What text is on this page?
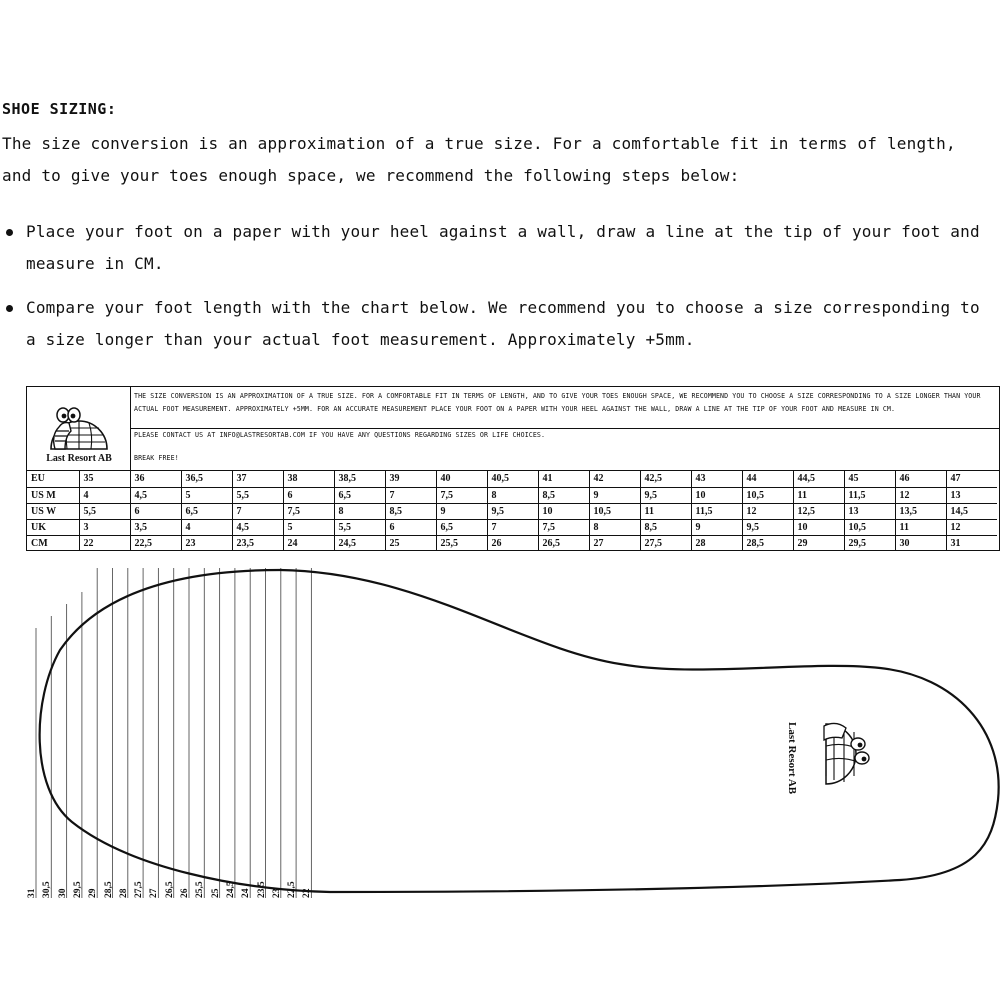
SHOE SIZING:
The size conversion is an approximation of a true size. For a comfortable fit in terms of length, and to give your toes enough space, we recommend the following steps below:
Place your foot on a paper with your heel against a wall, draw a line at the tip of your foot and measure in CM.
Compare your foot length with the chart below. We recommend you to choose a size corresponding to a size longer than your actual foot measurement. Approximately +5mm.
Last Resort AB
THE SIZE CONVERSION IS AN APPROXIMATION OF A TRUE SIZE. FOR A COMFORTABLE FIT IN TERMS OF LENGTH, AND TO GIVE YOUR TOES ENOUGH SPACE, WE RECOMMEND YOU TO CHOOSE A SIZE CORRESPONDING TO A SIZE LONGER THAN YOUR ACTUAL FOOT MEASUREMENT. APPROXIMATELY +5MM. FOR AN ACCURATE MEASUREMENT PLACE YOUR FOOT ON A PAPER WITH YOUR HEEL AGAINST THE WALL, DRAW A LINE AT THE TIP OF YOUR FOOT AND MEASURE IN CM.
PLEASE CONTACT US AT INFO@LASTRESORTAB.COM IF YOU HAVE ANY QUESTIONS REGARDING SIZES OR LIFE CHOICES.
BREAK FREE!
EU	35	36	36,5	37	38	38,5	39	40	40,5	41	42	42,5	43	44	44,5	45	46	47
US M	4	4,5	5	5,5	6	6,5	7	7,5	8	8,5	9	9,5	10	10,5	11	11,5	12	13
US W	5,5	6	6,5	7	7,5	8	8,5	9	9,5	10	10,5	11	11,5	12	12,5	13	13,5	14,5
UK	3	3,5	4	4,5	5	5,5	6	6,5	7	7,5	8	8,5	9	9,5	10	10,5	11	12
CM	22	22,5	23	23,5	24	24,5	25	25,5	26	26,5	27	27,5	28	28,5	29	29,5	30	31
Last Resort AB
31 30,5 30 29,5 29 28,5 28 27,5 27 26,5 26 25,5 25 24,5 24 23,5 23 22,5 22
